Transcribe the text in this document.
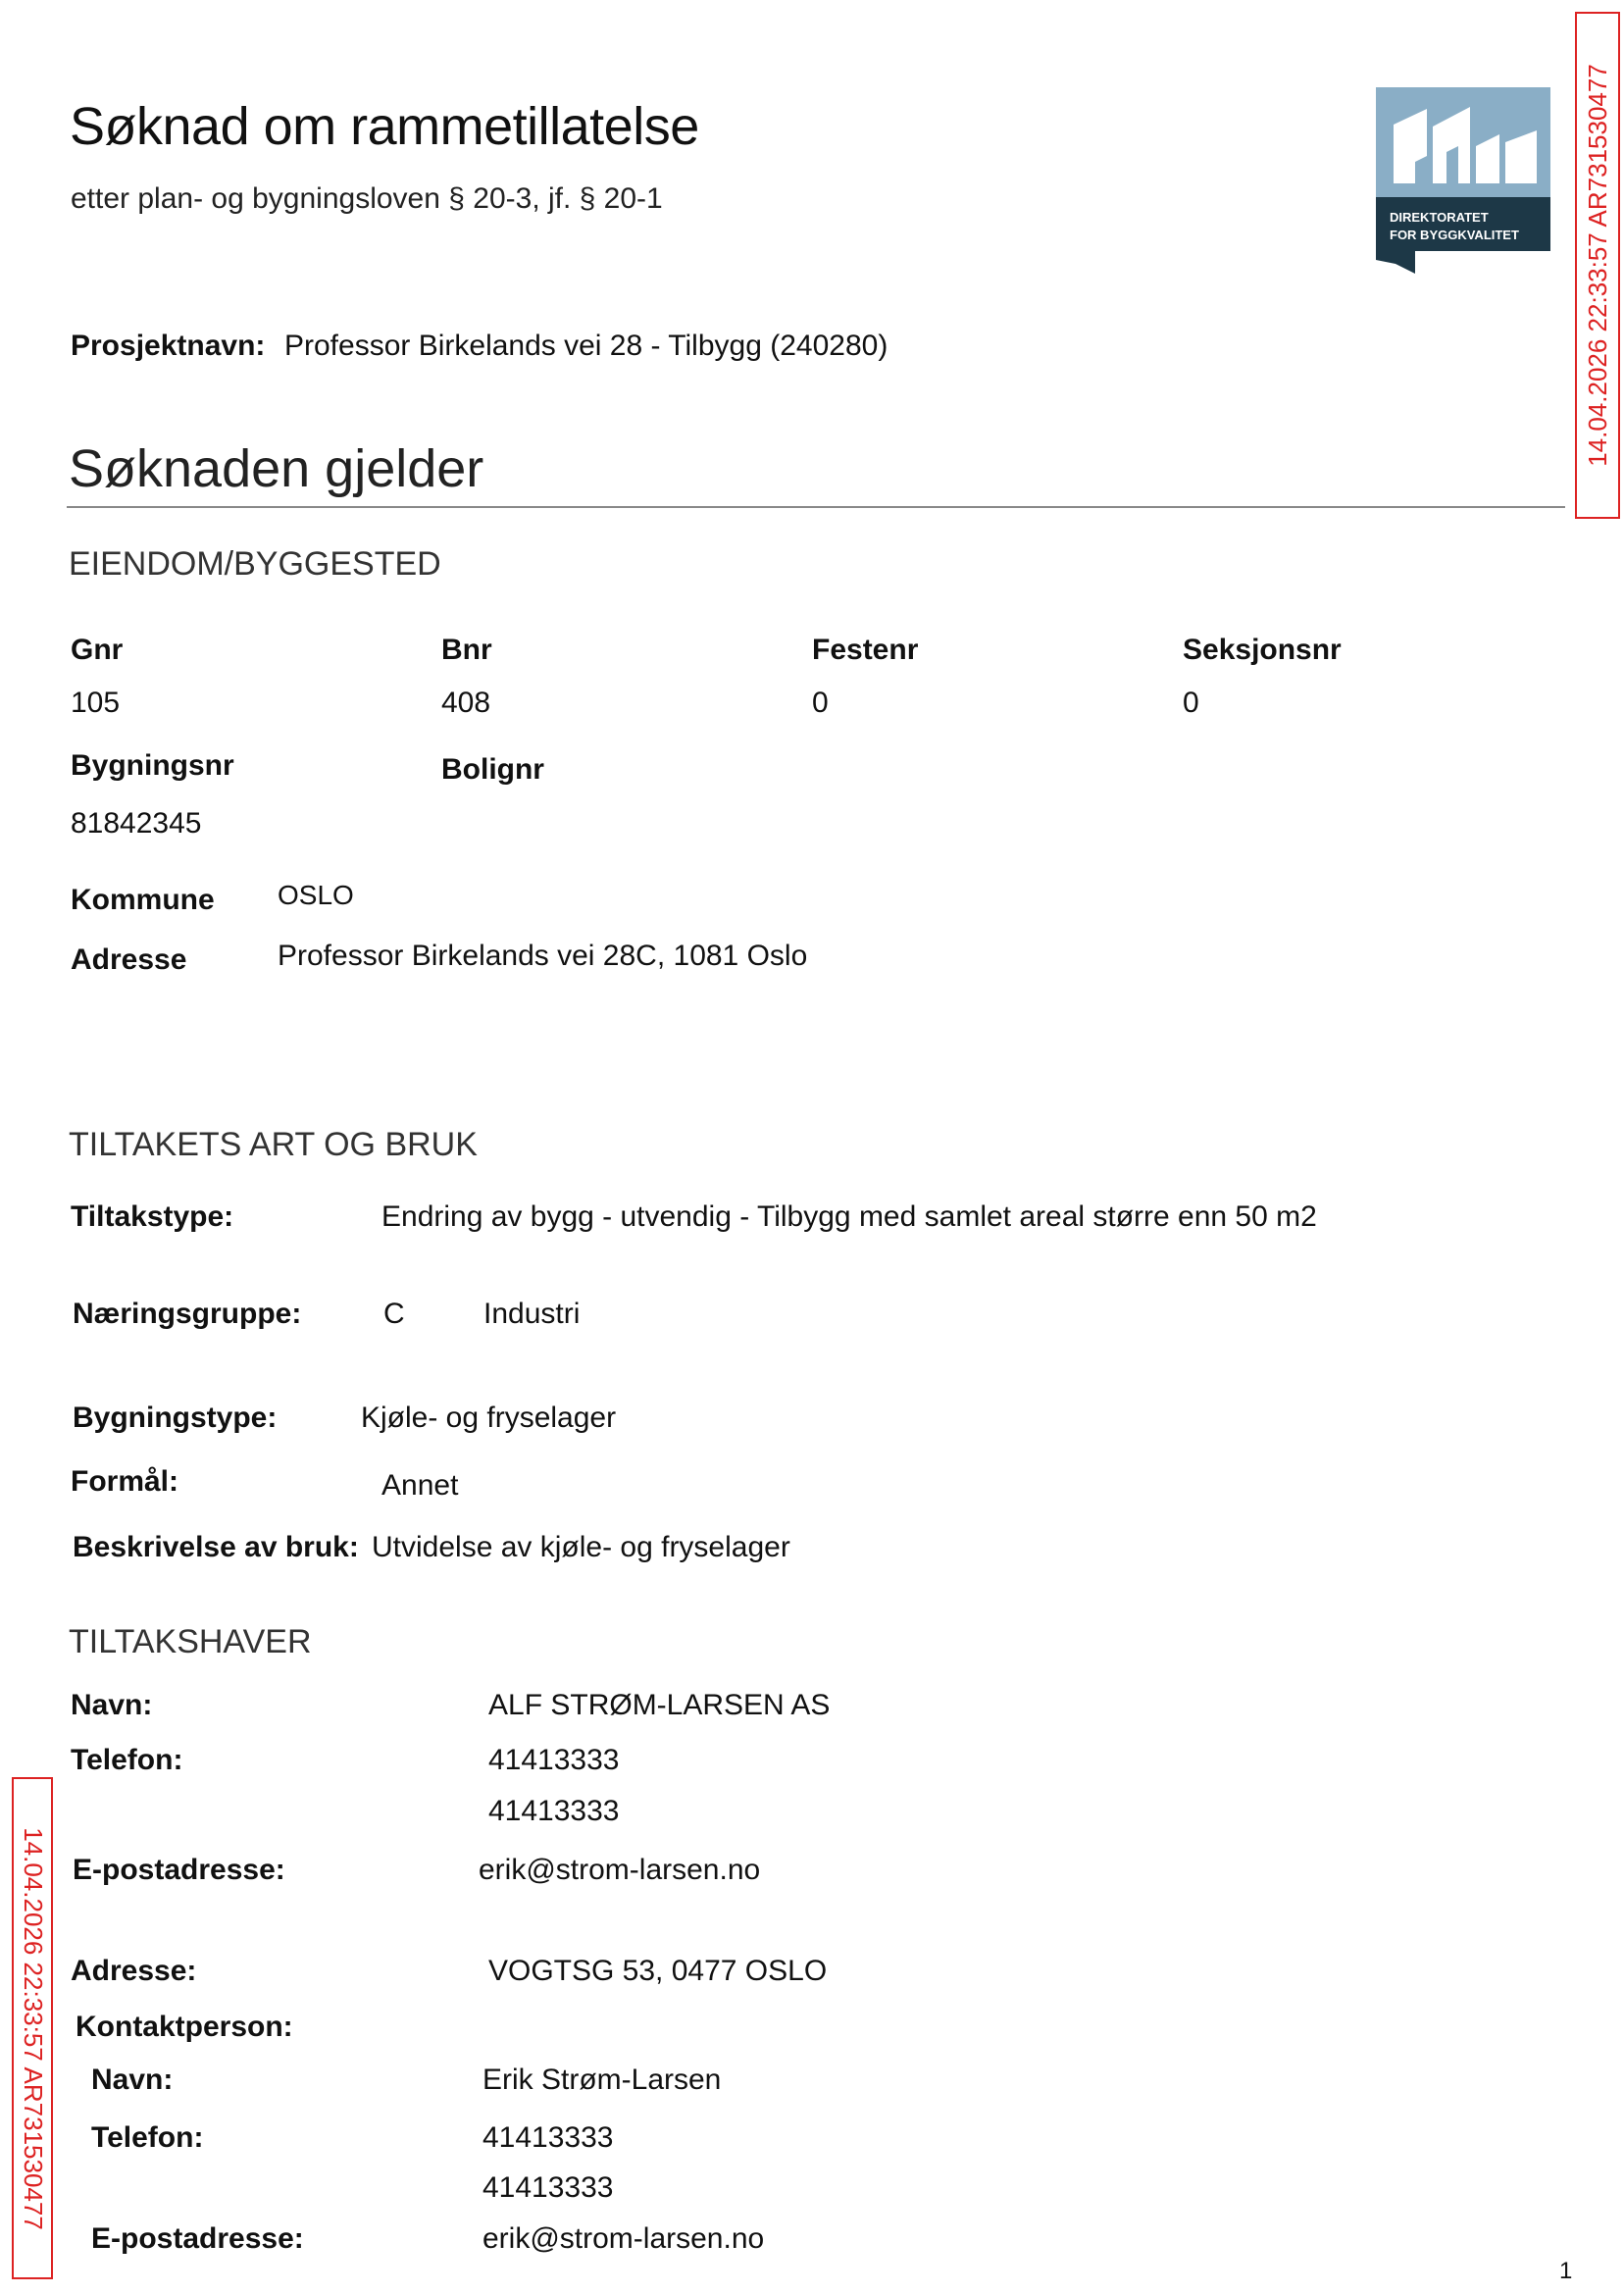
Søknad om rammetillatelse
etter plan- og bygningsloven § 20-3, jf. § 20-1
DIREKTORATET
FOR BYGGKVALITET 14.04.2026 22:33:57 AR731530477
14.04.2026 22:33:57 AR731530477
Prosjektnavn: Professor Birkelands vei 28 - Tilbygg (240280)
Søknaden gjelder
EIENDOM/BYGGESTED
Gnr	Bnr	Festenr	Seksjonsnr
105	408	0	0
Bygningsnr	Bolignr
81842345
Kommune OSLO
Adresse	Professor Birkelands vei 28C, 1081 Oslo
TILTAKETS ART OG BRUK
Tiltakstype:	Endring av bygg - utvendig - Tilbygg med samlet areal større enn 50 m2
Næringsgruppe:	C	Industri
Bygningstype:	Kjøle- og fryselager
Formål:	Annet
Beskrivelse av bruk: Utvidelse av kjøle- og fryselager
TILTAKSHAVER
Navn:	ALF STRØM-LARSEN AS
Telefon:	41413333
41413333
E-postadresse:	erik@strom-larsen.no
Adresse:	VOGTSG 53, 0477 OSLO
Kontaktperson:
Navn:	Erik Strøm-Larsen
Telefon:	41413333
41413333
E-postadresse:	erik@strom-larsen.no
1
